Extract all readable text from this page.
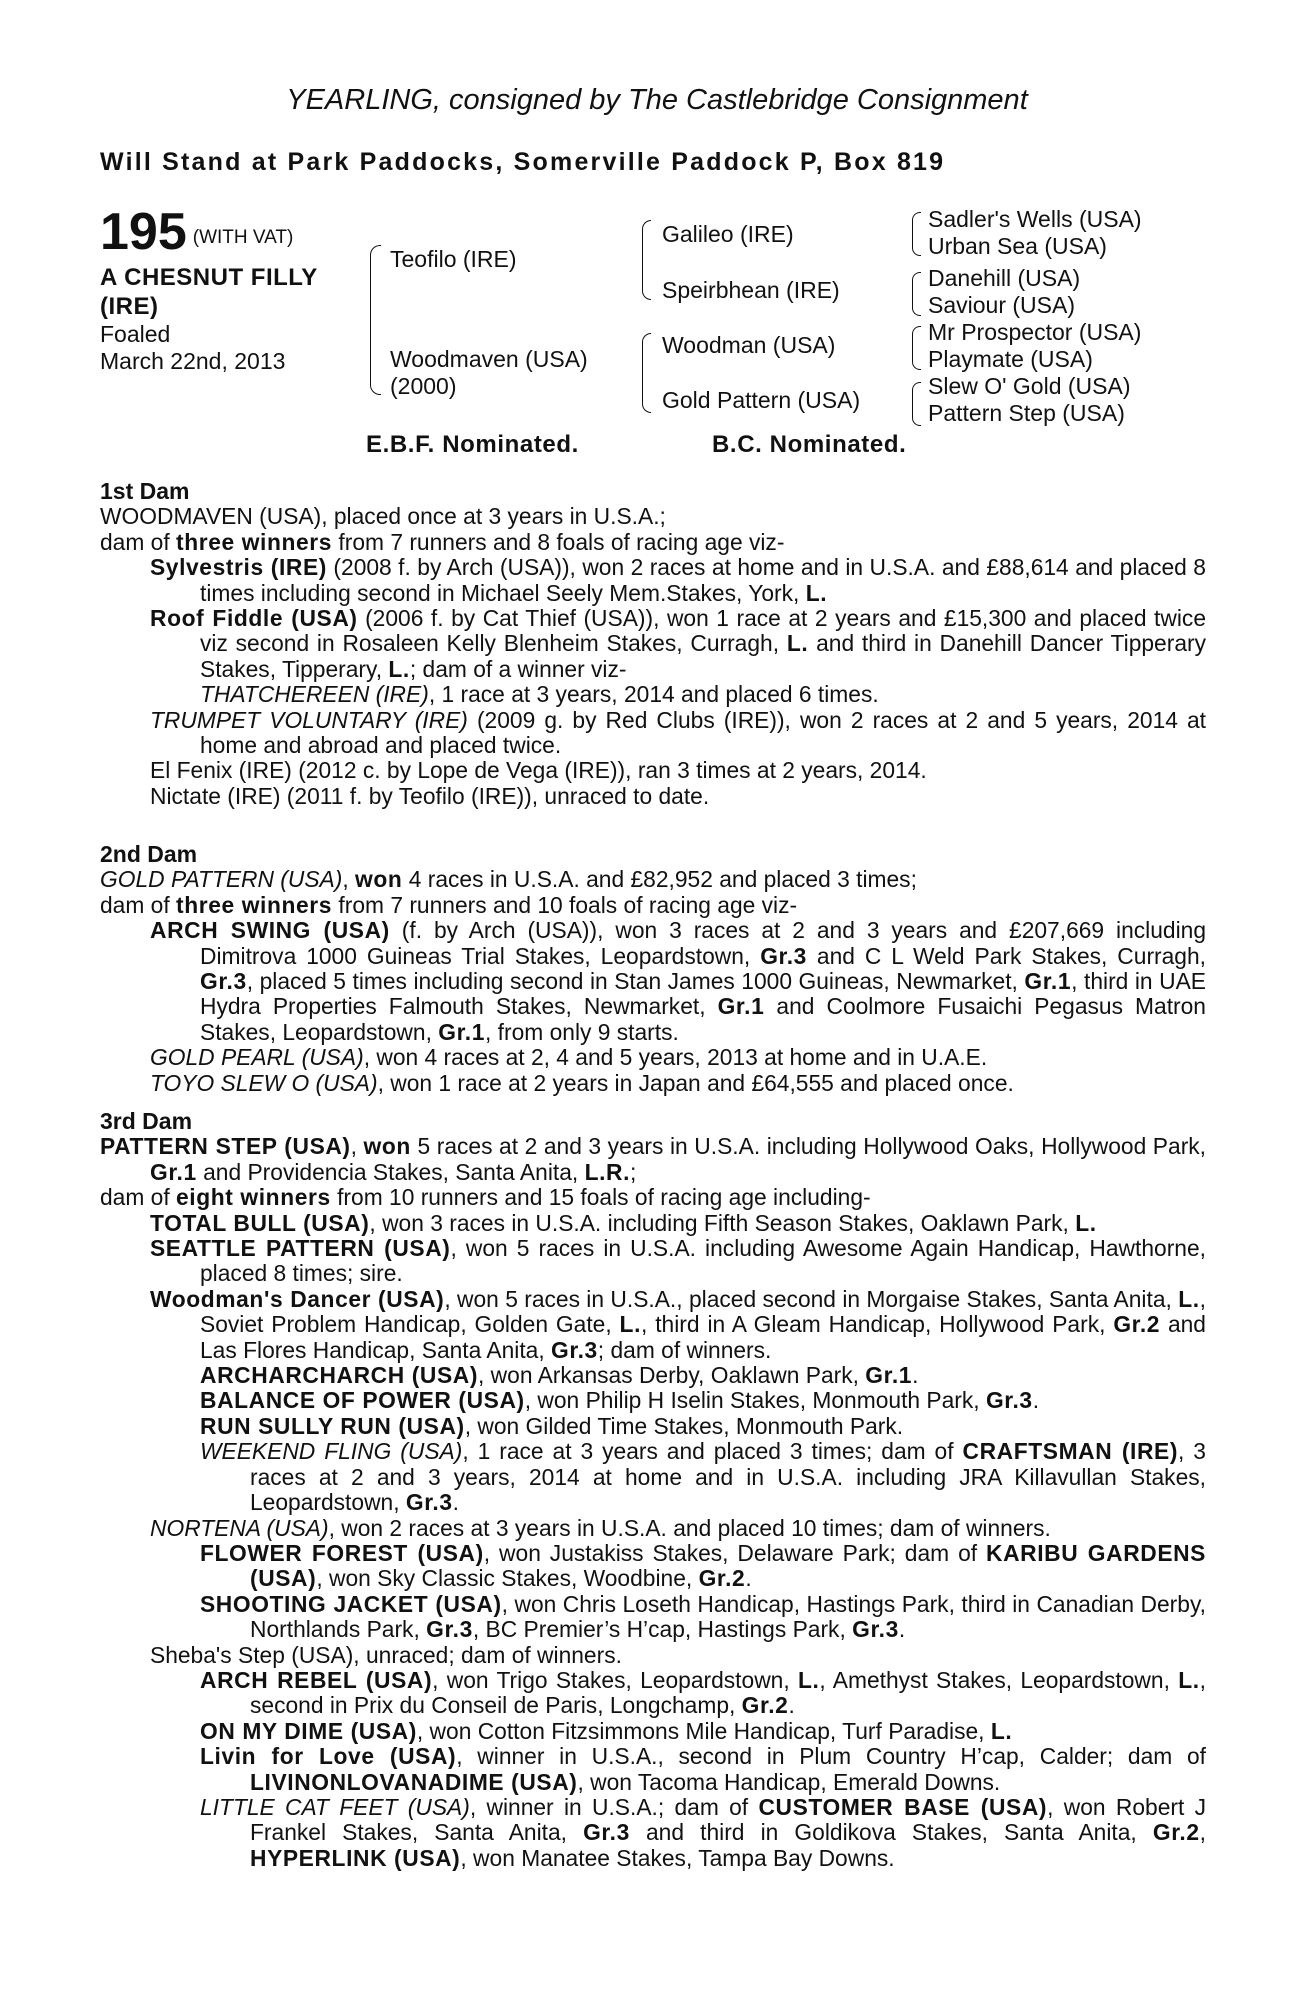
YEARLING, consigned by The Castlebridge Consignment
Will Stand at Park Paddocks, Somerville Paddock P, Box 819
195 (WITH VAT)
A CHESNUT FILLY
(IRE)
Foaled
March 22nd, 2013
Teofilo (IRE)
Woodmaven (USA)
(2000)
Galileo (IRE)
Speirbhean (IRE)
Woodman (USA)
Gold Pattern (USA)
Sadler's Wells (USA)
Urban Sea (USA)
Danehill (USA)
Saviour (USA)
Mr Prospector (USA)
Playmate (USA)
Slew O' Gold (USA)
Pattern Step (USA)
E.B.F. Nominated.	B.C. Nominated.
1st Dam
WOODMAVEN (USA), placed once at 3 years in U.S.A.;
dam of three winners from 7 runners and 8 foals of racing age viz-
Sylvestris (IRE) (2008 f. by Arch (USA)), won 2 races at home and in U.S.A. and £88,614 and placed 8 times including second in Michael Seely Mem.Stakes, York, L.
Roof Fiddle (USA) (2006 f. by Cat Thief (USA)), won 1 race at 2 years and £15,300 and placed twice viz second in Rosaleen Kelly Blenheim Stakes, Curragh, L. and third in Danehill Dancer Tipperary Stakes, Tipperary, L.; dam of a winner viz-
THATCHEREEN (IRE), 1 race at 3 years, 2014 and placed 6 times.
TRUMPET VOLUNTARY (IRE) (2009 g. by Red Clubs (IRE)), won 2 races at 2 and 5 years, 2014 at home and abroad and placed twice.
El Fenix (IRE) (2012 c. by Lope de Vega (IRE)), ran 3 times at 2 years, 2014.
Nictate (IRE) (2011 f. by Teofilo (IRE)), unraced to date.
2nd Dam
GOLD PATTERN (USA), won 4 races in U.S.A. and £82,952 and placed 3 times;
dam of three winners from 7 runners and 10 foals of racing age viz-
ARCH SWING (USA) (f. by Arch (USA)), won 3 races at 2 and 3 years and £207,669 including Dimitrova 1000 Guineas Trial Stakes, Leopardstown, Gr.3 and C L Weld Park Stakes, Curragh, Gr.3, placed 5 times including second in Stan James 1000 Guineas, Newmarket, Gr.1, third in UAE Hydra Properties Falmouth Stakes, Newmarket, Gr.1 and Coolmore Fusaichi Pegasus Matron Stakes, Leopardstown, Gr.1, from only 9 starts.
GOLD PEARL (USA), won 4 races at 2, 4 and 5 years, 2013 at home and in U.A.E.
TOYO SLEW O (USA), won 1 race at 2 years in Japan and £64,555 and placed once.
3rd Dam
PATTERN STEP (USA), won 5 races at 2 and 3 years in U.S.A. including Hollywood Oaks, Hollywood Park, Gr.1 and Providencia Stakes, Santa Anita, L.R.;
dam of eight winners from 10 runners and 15 foals of racing age including-
TOTAL BULL (USA), won 3 races in U.S.A. including Fifth Season Stakes, Oaklawn Park, L.
SEATTLE PATTERN (USA), won 5 races in U.S.A. including Awesome Again Handicap, Hawthorne, placed 8 times; sire.
Woodman's Dancer (USA), won 5 races in U.S.A., placed second in Morgaise Stakes, Santa Anita, L., Soviet Problem Handicap, Golden Gate, L., third in A Gleam Handicap, Hollywood Park, Gr.2 and Las Flores Handicap, Santa Anita, Gr.3; dam of winners.
ARCHARCHARCH (USA), won Arkansas Derby, Oaklawn Park, Gr.1.
BALANCE OF POWER (USA), won Philip H Iselin Stakes, Monmouth Park, Gr.3.
RUN SULLY RUN (USA), won Gilded Time Stakes, Monmouth Park.
WEEKEND FLING (USA), 1 race at 3 years and placed 3 times; dam of CRAFTSMAN (IRE), 3 races at 2 and 3 years, 2014 at home and in U.S.A. including JRA Killavullan Stakes, Leopardstown, Gr.3.
NORTENA (USA), won 2 races at 3 years in U.S.A. and placed 10 times; dam of winners.
FLOWER FOREST (USA), won Justakiss Stakes, Delaware Park; dam of KARIBU GARDENS (USA), won Sky Classic Stakes, Woodbine, Gr.2.
SHOOTING JACKET (USA), won Chris Loseth Handicap, Hastings Park, third in Canadian Derby, Northlands Park, Gr.3, BC Premier’s H’cap, Hastings Park, Gr.3.
Sheba's Step (USA), unraced; dam of winners.
ARCH REBEL (USA), won Trigo Stakes, Leopardstown, L., Amethyst Stakes, Leopardstown, L., second in Prix du Conseil de Paris, Longchamp, Gr.2.
ON MY DIME (USA), won Cotton Fitzsimmons Mile Handicap, Turf Paradise, L.
Livin for Love (USA), winner in U.S.A., second in Plum Country H’cap, Calder; dam of LIVINONLOVANADIME (USA), won Tacoma Handicap, Emerald Downs.
LITTLE CAT FEET (USA), winner in U.S.A.; dam of CUSTOMER BASE (USA), won Robert J Frankel Stakes, Santa Anita, Gr.3 and third in Goldikova Stakes, Santa Anita, Gr.2, HYPERLINK (USA), won Manatee Stakes, Tampa Bay Downs.
